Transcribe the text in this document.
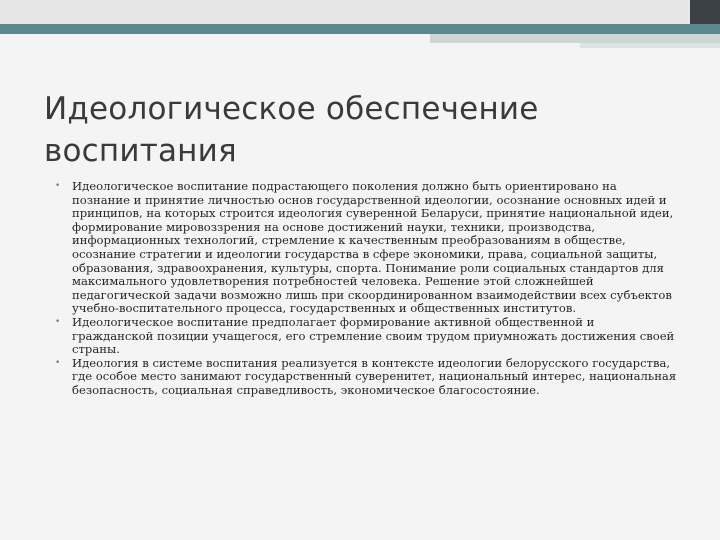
Идеологическое обеспечение воспитания
• Идеологическое воспитание подрастающего поколения должно быть ориентировано на познание и принятие личностью основ государственной идеологии, осознание основных идей и принципов, на которых строится идеология суверенной Беларуси, принятие национальной идеи, формирование мировоззрения на основе достижений науки, техники, производства, информационных технологий, стремление к качественным преобразованиям в обществе, осознание стратегии и идеологии государства в сфере экономики, права, социальной защиты, образования, здравоохранения, культуры, спорта. Понимание роли социальных стандартов для максимального удовлетворения потребностей человека. Решение этой сложнейшей педагогической задачи возможно лишь при скоординированном взаимодействии всех субъектов учебно-воспитательного процесса, государственных и общественных институтов.
• Идеологическое воспитание предполагает формирование активной общественной и гражданской позиции учащегося, его стремление своим трудом приумножать достижения своей страны.
• Идеология в системе воспитания реализуется в контексте идеологии белорусского государства, где особое место занимают государственный суверенитет, национальный интерес, национальная безопасность, социальная справедливость, экономическое благосостояние.
